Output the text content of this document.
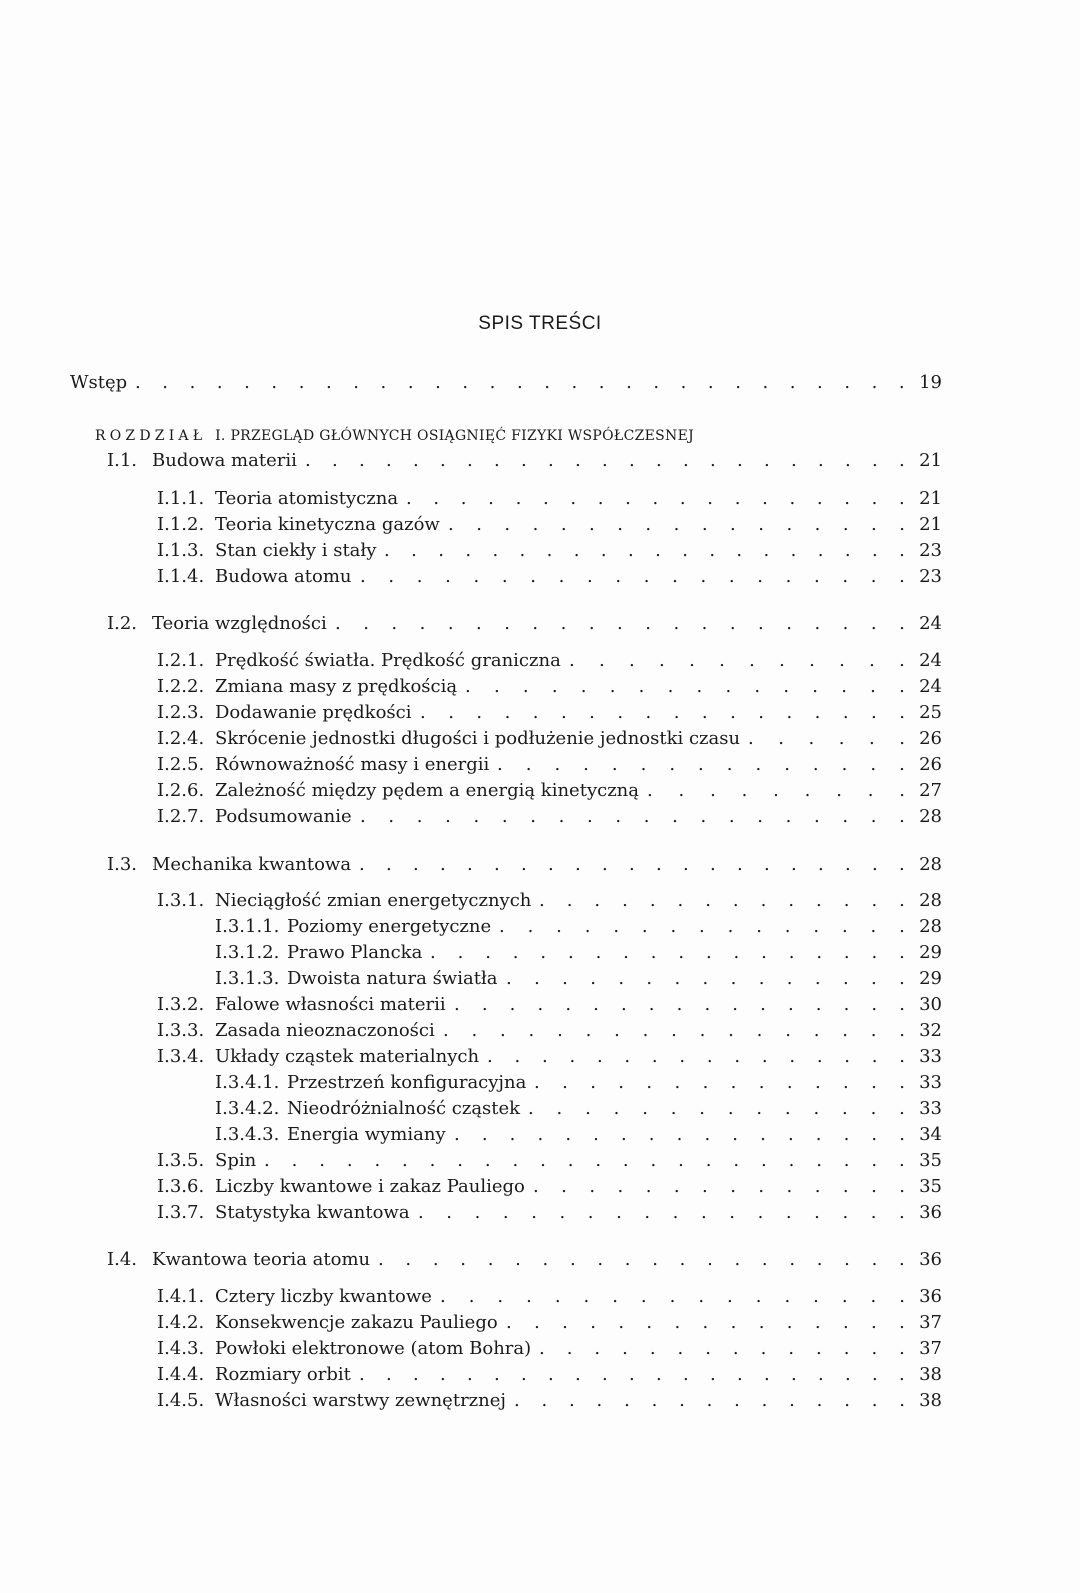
SPIS TREŚCI
Wstęp . . . . . . . . . . . . . . . . . . . . . . . . . . . . . 19
ROZDZIAŁ I. PRZEGLĄD GŁÓWNYCH OSIĄGNIĘĆ FIZYKI WSPÓŁCZESNEJ
I.1. Budowa materii . . . . . . . . . . . . . . . . . . . . . . . 21
I.1.1. Teoria atomistyczna . . . . . . . . . . . . . . . . . . . 21
I.1.2. Teoria kinetyczna gazów . . . . . . . . . . . . . . . . . 21
I.1.3. Stan ciekły i stały . . . . . . . . . . . . . . . . . . . . 23
I.1.4. Budowa atomu . . . . . . . . . . . . . . . . . . . . 23
I.2. Teoria względności . . . . . . . . . . . . . . . . . . . . . 24
I.2.1. Prędkość światła. Prędkość graniczna . . . . . . . . . . . . 24
I.2.2. Zmiana masy z prędkością . . . . . . . . . . . . . . . . 24
I.2.3. Dodawanie prędkości . . . . . . . . . . . . . . . . . . 25
I.2.4. Skrócenie jednostki długości i podłużenie jednostki czasu . . . . . . 26
I.2.5. Równoważność masy i energii . . . . . . . . . . . . . . . 26
I.2.6. Zależność między pędem a energią kinetyczną . . . . . . . . . 27
I.2.7. Podsumowanie . . . . . . . . . . . . . . . . . . . . 28
I.3. Mechanika kwantowa . . . . . . . . . . . . . . . . . . . . . 28
I.3.1. Nieciągłość zmian energetycznych . . . . . . . . . . . . . . 28
I.3.1.1. Poziomy energetyczne . . . . . . . . . . . . . . . 28
I.3.1.2. Prawo Plancka . . . . . . . . . . . . . . . . . . 29
I.3.1.3. Dwoista natura światła . . . . . . . . . . . . . . . 29
I.3.2. Falowe własności materii . . . . . . . . . . . . . . . . . 30
I.3.3. Zasada nieoznaczoności . . . . . . . . . . . . . . . . . 32
I.3.4. Układy cząstek materialnych . . . . . . . . . . . . . . . . 33
I.3.4.1. Przestrzeń konfiguracyjna . . . . . . . . . . . . . . 33
I.3.4.2. Nieodróżnialność cząstek . . . . . . . . . . . . . . 33
I.3.4.3. Energia wymiany . . . . . . . . . . . . . . . . . 34
I.3.5. Spin . . . . . . . . . . . . . . . . . . . . . . . . 35
I.3.6. Liczby kwantowe i zakaz Pauliego . . . . . . . . . . . . . . 35
I.3.7. Statystyka kwantowa . . . . . . . . . . . . . . . . . . 36
I.4. Kwantowa teoria atomu . . . . . . . . . . . . . . . . . . . . 36
I.4.1. Cztery liczby kwantowe . . . . . . . . . . . . . . . . . 36
I.4.2. Konsekwencje zakazu Pauliego . . . . . . . . . . . . . . . 37
I.4.3. Powłoki elektronowe (atom Bohra) . . . . . . . . . . . . . . 37
I.4.4. Rozmiary orbit . . . . . . . . . . . . . . . . . . . . . 38
I.4.5. Własności warstwy zewnętrznej . . . . . . . . . . . . . . . 38
